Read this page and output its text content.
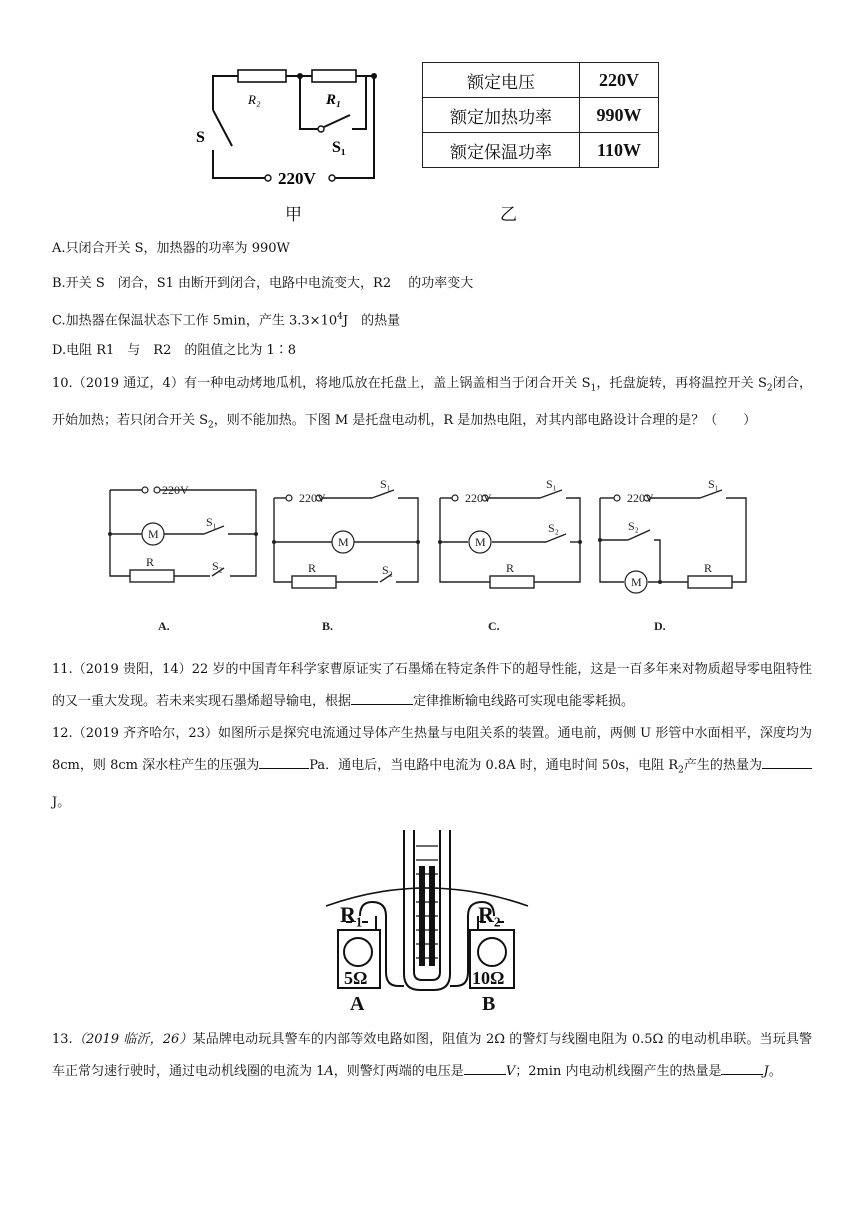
R₂	R₁
S
S₁
220V
甲
额定电压	220V
额定加热功率	990W
额定保温功率	110W
乙
A.只闭合开关 S，加热器的功率为 990W
B.开关 S　闭合，S1 由断开到闭合，电路中电流变大，R2　 的功率变大
C.加热器在保温状态下工作 5min，产生 $3.3\times 10^4J$　的热量
D.电阻 R1　与　R2　的阻值之比为 1∶8
10.（2019 通辽，4）有一种电动烤地瓜机，将地瓜放在托盘上，盖上锅盖相当于闭合开关 $S_1$，托盘旋转，再将温控开关 $S_2$闭合，开始加热；若只闭合开关 $S_2$，则不能加热。下图 M 是托盘电动机，R 是加热电阻，对其内部电路设计合理的是？（　　）
220V
220V	220V	220V
M
M	M
M
R	R	R	R
S₁
S₂
S₁
S₂
S₁
S₂
S₁
S₂
A.	B.	C.	D.
11.（2019 贵阳，14）22 岁的中国青年科学家曹原证实了石墨烯在特定条件下的超导性能，这是一百多年来对物质超导零电阻特性的又一重大发现。若未来实现石墨烯超导输电，根据	定律推断输电线路可实现电能零耗损。
12.（2019 齐齐哈尔，23）如图所示是探究电流通过导体产生热量与电阻关系的装置。通电前，两侧 U 形管中水面相平，深度均为 8cm，则 8cm 深水柱产生的压强为	Pa．通电后，当电路中电流为 0.8A 时，通电时间 50s，电阻 $R_2$产生的热量为J。
R₁	R₂
5Ω	10Ω
A	B
13.（2019 临沂，26）某品牌电动玩具警车的内部等效电路如图，阻值为 2Ω 的警灯与线圈电阻为 0.5Ω 的电动机串联。当玩具警车正常匀速行驶时，通过电动机线圈的电流为 1A，则警灯两端的电压是	V；2min 内电动机线圈产生的热量是	J。
